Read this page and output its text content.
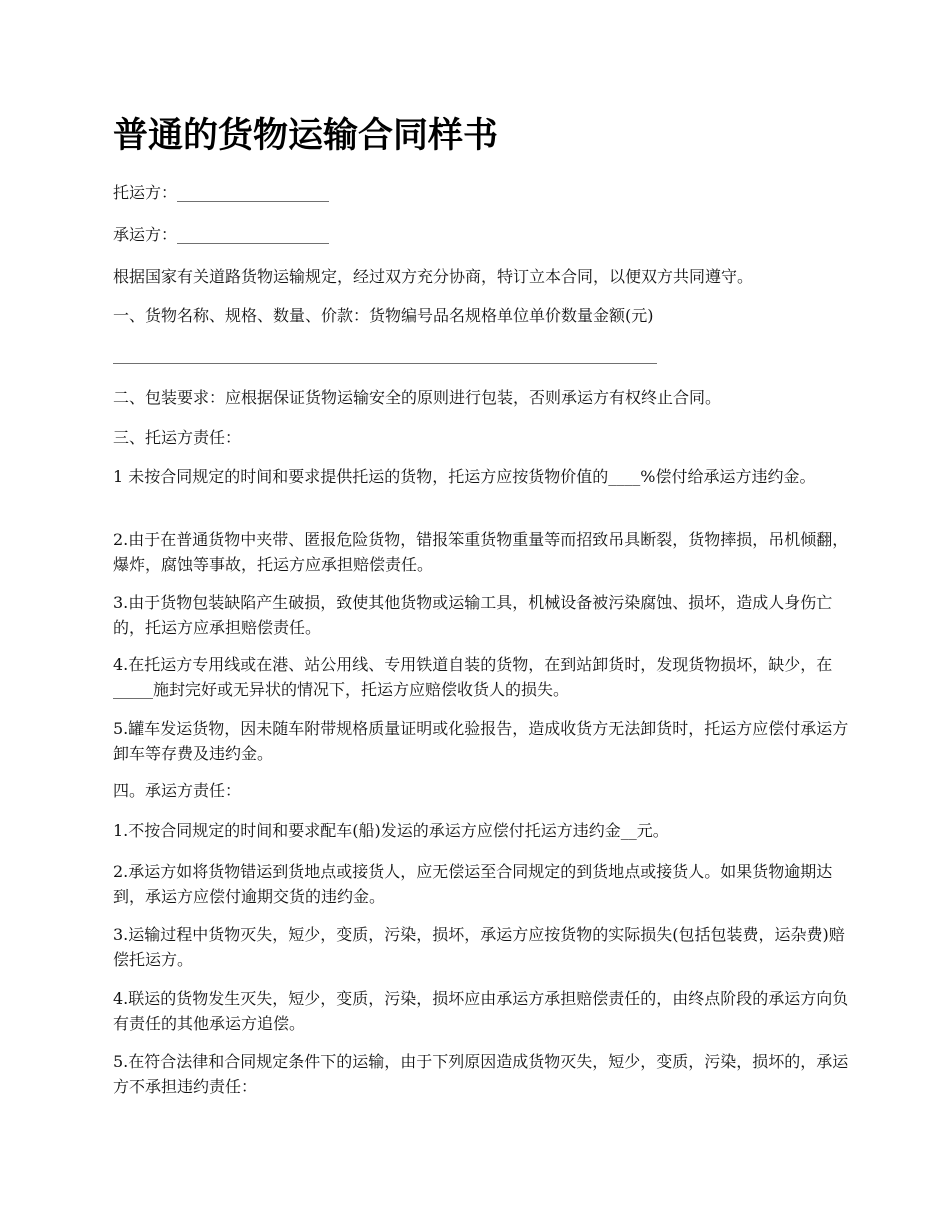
普通的货物运输合同样书

托运方：___________________

承运方：___________________

根据国家有关道路货物运输规定，经过双方充分协商，特订立本合同，以便双方共同遵守。

一、货物名称、规格、数量、价款：货物编号品名规格单位单价数量金额(元)

____________________________________________________________________

二、包装要求：应根据保证货物运输安全的原则进行包装，否则承运方有权终止合同。

三、托运方责任：

1 未按合同规定的时间和要求提供托运的货物，托运方应按货物价值的____%偿付给承运方违约金。

2.由于在普通货物中夹带、匿报危险货物，错报笨重货物重量等而招致吊具断裂，货物摔损，吊机倾翻，爆炸，腐蚀等事故，托运方应承担赔偿责任。

3.由于货物包装缺陷产生破损，致使其他货物或运输工具，机械设备被污染腐蚀、损坏，造成人身伤亡的，托运方应承担赔偿责任。

4.在托运方专用线或在港、站公用线、专用铁道自装的货物，在到站卸货时，发现货物损坏，缺少，在_____施封完好或无异状的情况下，托运方应赔偿收货人的损失。

5.罐车发运货物，因未随车附带规格质量证明或化验报告，造成收货方无法卸货时，托运方应偿付承运方卸车等存费及违约金。

四。承运方责任：

1.不按合同规定的时间和要求配车(船)发运的承运方应偿付托运方违约金__元。

2.承运方如将货物错运到货地点或接货人，应无偿运至合同规定的到货地点或接货人。如果货物逾期达到，承运方应偿付逾期交货的违约金。

3.运输过程中货物灭失，短少，变质，污染，损坏，承运方应按货物的实际损失(包括包装费，运杂费)赔偿托运方。

4.联运的货物发生灭失，短少，变质，污染，损坏应由承运方承担赔偿责任的，由终点阶段的承运方向负有责任的其他承运方追偿。

5.在符合法律和合同规定条件下的运输，由于下列原因造成货物灭失，短少，变质，污染，损坏的，承运方不承担违约责任：
